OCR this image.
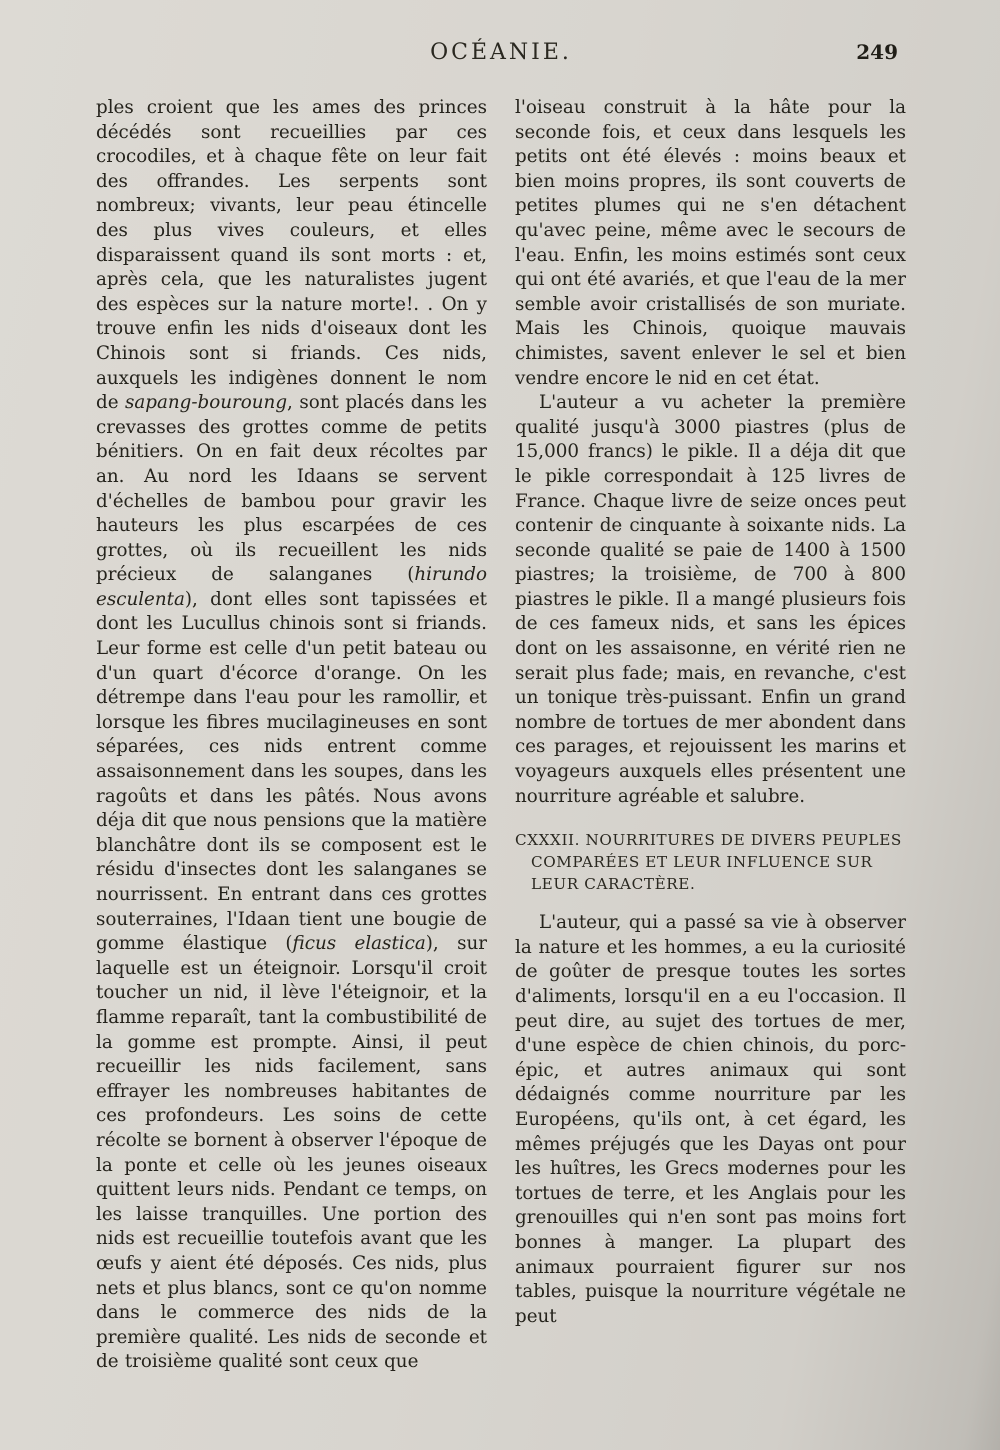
OCÉANIE.	249

ples croient que les ames des princes décédés sont recueillies par ces crocodiles, et à chaque fête on leur fait des offrandes. Les serpents sont nombreux; vivants, leur peau étincelle des plus vives couleurs, et elles disparaissent quand ils sont morts : et, après cela, que les naturalistes jugent des espèces sur la nature morte!. . On y trouve enfin les nids d'oiseaux dont les Chinois sont si friands. Ces nids, auxquels les indigènes donnent le nom de sapang-bouroung, sont placés dans les crevasses des grottes comme de petits bénitiers. On en fait deux récoltes par an. Au nord les Idaans se servent d'échelles de bambou pour gravir les hauteurs les plus escarpées de ces grottes, où ils recueillent les nids précieux de salanganes (hirundo esculenta), dont elles sont tapissées et dont les Lucullus chinois sont si friands. Leur forme est celle d'un petit bateau ou d'un quart d'écorce d'orange. On les détrempe dans l'eau pour les ramollir, et lorsque les fibres mucilagineuses en sont séparées, ces nids entrent comme assaisonnement dans les soupes, dans les ragoûts et dans les pâtés. Nous avons déja dit que nous pensions que la matière blanchâtre dont ils se composent est le résidu d'insectes dont les salanganes se nourrissent. En entrant dans ces grottes souterraines, l'Idaan tient une bougie de gomme élastique (ficus elastica), sur laquelle est un éteignoir. Lorsqu'il croit toucher un nid, il lève l'éteignoir, et la flamme reparaît, tant la combustibilité de la gomme est prompte. Ainsi, il peut recueillir les nids facilement, sans effrayer les nombreuses habitantes de ces profondeurs. Les soins de cette récolte se bornent à observer l'époque de la ponte et celle où les jeunes oiseaux quittent leurs nids. Pendant ce temps, on les laisse tranquilles. Une portion des nids est recueillie toutefois avant que les œufs y aient été déposés. Ces nids, plus nets et plus blancs, sont ce qu'on nomme dans le commerce des nids de la première qualité. Les nids de seconde et de troisième qualité sont ceux que

l'oiseau construit à la hâte pour la seconde fois, et ceux dans lesquels les petits ont été élevés : moins beaux et bien moins propres, ils sont couverts de petites plumes qui ne s'en détachent qu'avec peine, même avec le secours de l'eau. Enfin, les moins estimés sont ceux qui ont été avariés, et que l'eau de la mer semble avoir cristallisés de son muriate. Mais les Chinois, quoique mauvais chimistes, savent enlever le sel et bien vendre encore le nid en cet état.

L'auteur a vu acheter la première qualité jusqu'à 3000 piastres (plus de 15,000 francs) le pikle. Il a déja dit que le pikle correspondait à 125 livres de France. Chaque livre de seize onces peut contenir de cinquante à soixante nids. La seconde qualité se paie de 1400 à 1500 piastres; la troisième, de 700 à 800 piastres le pikle. Il a mangé plusieurs fois de ces fameux nids, et sans les épices dont on les assaisonne, en vérité rien ne serait plus fade; mais, en revanche, c'est un tonique très-puissant. Enfin un grand nombre de tortues de mer abondent dans ces parages, et rejouissent les marins et voyageurs auxquels elles présentent une nourriture agréable et salubre.

CXXXII. NOURRITURES DE DIVERS PEUPLES COMPARÉES ET LEUR INFLUENCE SUR LEUR CARACTÈRE.

L'auteur, qui a passé sa vie à observer la nature et les hommes, a eu la curiosité de goûter de presque toutes les sortes d'aliments, lorsqu'il en a eu l'occasion. Il peut dire, au sujet des tortues de mer, d'une espèce de chien chinois, du porc-épic, et autres animaux qui sont dédaignés comme nourriture par les Européens, qu'ils ont, à cet égard, les mêmes préjugés que les Dayas ont pour les huîtres, les Grecs modernes pour les tortues de terre, et les Anglais pour les grenouilles qui n'en sont pas moins fort bonnes à manger. La plupart des animaux pourraient figurer sur nos tables, puisque la nourriture végétale ne peut
